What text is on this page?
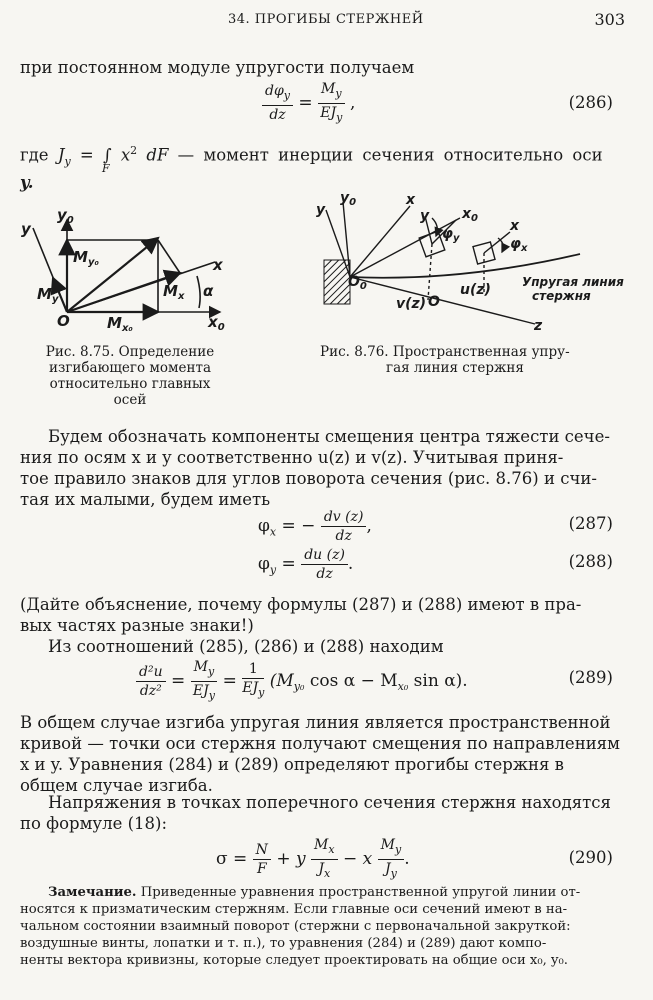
34. ПРОГИБЫ СТЕРЖНЕЙ	303
при постоянном модуле упругости получаем
$\frac{d\varphi_y}{dz} = \frac{M_y}{EJ_y}$ ,	(286)
где $J_y$ = ∫ $x^2$ dF — момент инерции сечения относительно оси y.
F
y
$y_0$
$M_{y_0}$
$M_y$	$M_x$
$M_{x_0}$
x
$x_0$
α
O
Рис. 8.75. Определение
изгибающего момента
относительно главных
осей
y
$y_0$	x
y $x_0$
$\varphi_y$
x
$\varphi_x$
$O_0$	u(z)
v(z) O
Упругая линия
стержня
z
Рис. 8.76. Пространственная упру-
гая линия стержня
Будем обозначать компоненты смещения центра тяжести сече-
ния по осям x и y соответственно u(z) и v(z). Учитывая приня-
тое правило знаков для углов поворота сечения (рис. 8.76) и счи-
тая их малыми, будем иметь
$\varphi_x$ = − $\frac{dv (z)}{dz}$ ,	(287)
$\varphi_y = \frac{du (z)}{dz}$ .	(288)
(Дайте объяснение, почему формулы (287) и (288) имеют в пра-
вых частях разные знаки!)
Из соотношений (285), (286) и (288) находим
$\frac{\text{d²u}}{\text{dz²}} = \frac{M_y}{EJ_y} = \frac{1}{EJ_y} (M_{y_0}$ $\cos \alpha - M_{x_0}$ sin α).	(289)
В общем случае изгиба упругая линия является пространственной
кривой — точки оси стержня получают смещения по направлениям
x и y. Уравнения (284) и (289) определяют прогибы стержня в
общем случае изгиба.
Напряжения в точках поперечного сечения стержня находятся
по формуле (18):
$\sigma = \frac{N}{F} + y \frac{M_x}{J_x} - x \frac{M_y}{J_y}$ .	(290)
Замечание. Приведенные уравнения пространственной упругой линии от-
носятся к призматическим стержням. Если главные оси сечений имеют в на-
чальном состоянии взаимный поворот (стержни с первоначальной закруткой:
воздушные винты, лопатки и т. п.), то уравнения (284) и (289) дают компо-
ненты вектора кривизны, которые следует проектировать на общие оси x₀, y₀.
